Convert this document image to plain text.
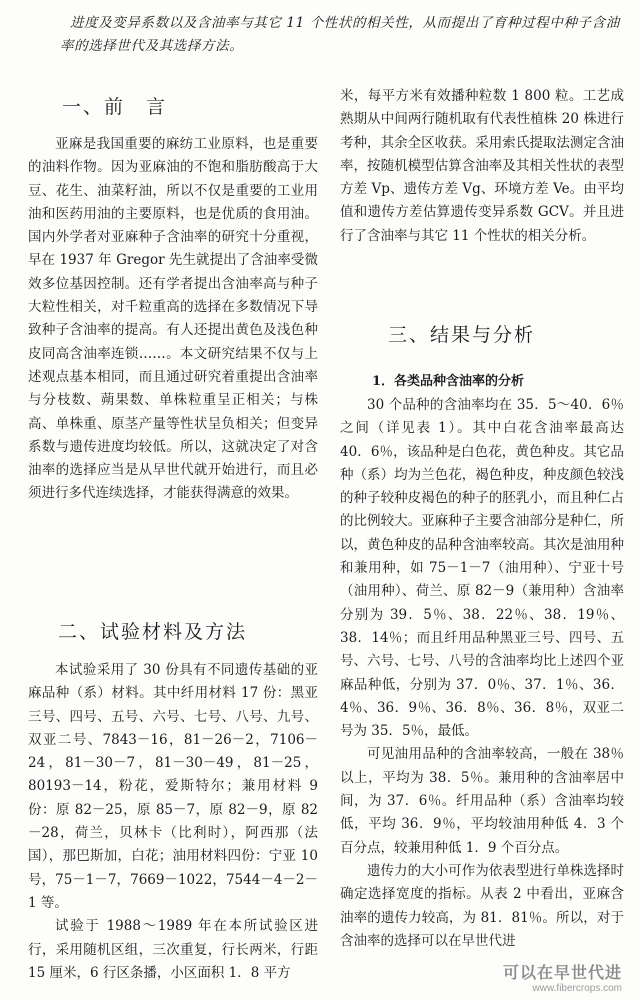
进度及变异系数以及含油率与其它 11 个性状的相关性，从而提出了育种过程中种子含油率的选择世代及其选择方法。
一、前　言

亚麻是我国重要的麻纺工业原料，也是重要的油料作物。因为亚麻油的不饱和脂肪酸高于大豆、花生、油菜籽油，所以不仅是重要的工业用油和医药用油的主要原料，也是优质的食用油。国内外学者对亚麻种子含油率的研究十分重视，早在 1937 年 Gregor 先生就提出了含油率受微效多位基因控制。还有学者提出含油率高与种子大粒性相关，对千粒重高的选择在多数情况下导致种子含油率的提高。有人还提出黄色及浅色种皮同高含油率连锁……。本文研究结果不仅与上述观点基本相同，而且通过研究着重提出含油率与分枝数、蒴果数、单株粒重呈正相关；与株高、单株重、原茎产量等性状呈负相关；但变异系数与遗传进度均较低。所以，这就决定了对含油率的选择应当是从早世代就开始进行，而且必须进行多代连续选择，才能获得满意的效果。

二、试验材料及方法

本试验采用了 30 份具有不同遗传基础的亚麻品种（系）材料。其中纤用材料 17 份：黑亚三号、四号、五号、六号、七号、八号、九号、双亚二号、7843－16，81－26－2，7106－24，81－30－7，81－30－49，81－25，80193－14，粉花，爱斯特尔；兼用材料 9 份：原 82－25，原 85－7，原 82－9，原 82－28，荷兰，贝林卡（比利时），阿西那（法国），那巴斯加，白花；油用材料四份：宁亚 10 号，75－1－7，7669－1022，7544－4－2－1 等。

试验于 1988～1989 年在本所试验区进行，采用随机区组，三次重复，行长两米，行距 15 厘米，6 行区条播，小区面积 1．8 平方

米，每平方米有效播种粒数 1 800 粒。工艺成熟期从中间两行随机取有代表性植株 20 株进行考种，其余全区收获。采用索氏提取法测定含油率，按随机模型估算含油率及其相关性状的表型方差 Vp、遗传方差 Vg、环境方差 Ve。由平均值和遗传方差估算遗传变异系数 GCV。并且进行了含油率与其它 11 个性状的相关分析。

三、结果与分析
1．各类品种含油率的分析

30 个品种的含油率均在 35．5～40．6％之间（详见表 1）。其中白花含油率最高达 40．6％，该品种是白色花，黄色种皮。其它品种（系）均为兰色花，褐色种皮，种皮颜色较浅的种子较种皮褐色的种子的胚乳小，而且种仁占的比例较大。亚麻种子主要含油部分是种仁，所以，黄色种皮的品种含油率较高。其次是油用种和兼用种，如 75－1－7（油用种）、宁亚十号（油用种）、荷兰、原 82－9（兼用种）含油率分别为 39．5％、38．22％、38．19％、38．14％；而且纤用品种黑亚三号、四号、五号、六号、七号、八号的含油率均比上述四个亚麻品种低，分别为 37．0％、37．1％、36．4％、36．9％、36．8％、36．8％，双亚二号为 35．5％，最低。

可见油用品种的含油率较高，一般在 38％以上，平均为 38．5％。兼用种的含油率居中间，为 37．6％。纤用品种（系）含油率均较低，平均 36．9％，平均较油用种低 4．3 个百分点，较兼用种低 1．9 个百分点。

遗传力的大小可作为依表型进行单株选择时确定选择宽度的指标。从表 2 中看出，亚麻含油率的遗传力较高，为 81．81％。所以，对于含油率的选择可以在早世代进

可以在早世代进
www.fibercrops.com
